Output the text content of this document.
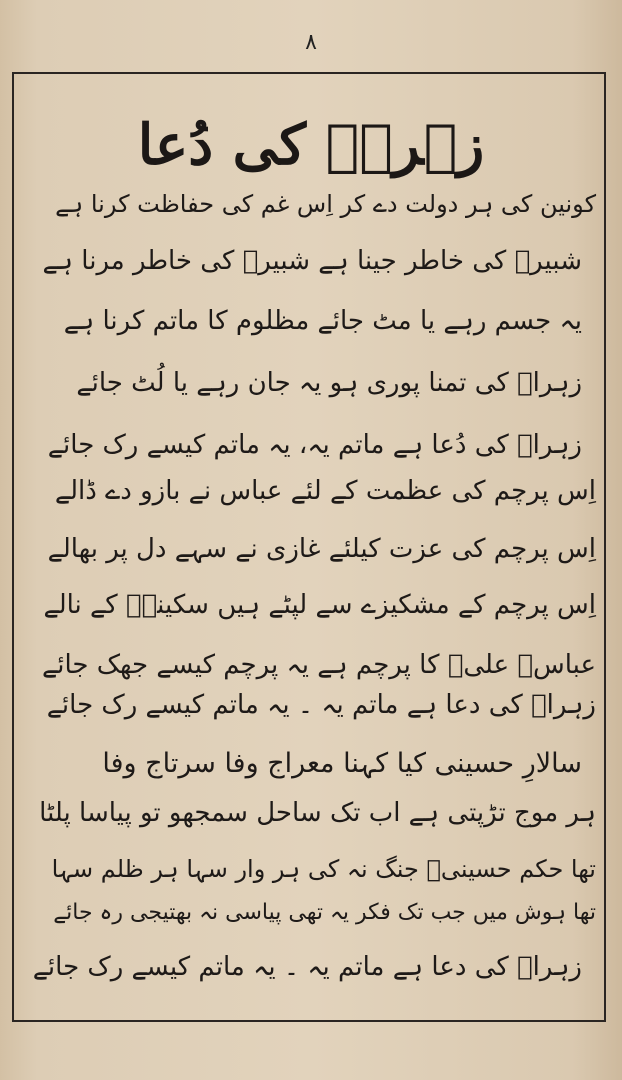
۸
زہراؑ کی دُعا
کونین کی ہر دولت دے کر اِس غم کی حفاظت کرنا ہے
شبیرؑ کی خاطر جینا ہے شبیرؑ کی خاطر مرنا ہے
یہ جسم رہے یا مٹ جائے مظلوم کا ماتم کرنا ہے
زہراؑ کی تمنا پوری ہو یہ جان رہے یا لُٹ جائے
زہراؑ کی دُعا ہے ماتم یہ، یہ ماتم کیسے رک جائے
اِس پرچم کی عظمت کے لئے عباس نے بازو دے ڈالے
اِس پرچم کی عزت کیلئے غازی نے سہے دل پر بھالے
اِس پرچم کے مشکیزے سے لپٹے ہیں سکینہؑ کے نالے
عباسؑ علیؑ کا پرچم ہے یہ پرچم کیسے جھک جائے
زہراؑ کی دعا ہے ماتم یہ ۔ یہ ماتم کیسے رک جائے
سالارِ حسینی کیا کہنا معراج وفا سرتاج وفا
ہر موج تڑپتی ہے اب تک ساحل سمجھو تو پیاسا پلٹا
تھا حکم حسینیؑ جنگ نہ کی ہر وار سہا ہر ظلم سہا
تھا ہوش میں جب تک فکر یہ تھی پیاسی نہ بھتیجی رہ جائے
زہراؑ کی دعا ہے ماتم یہ ۔ یہ ماتم کیسے رک جائے
